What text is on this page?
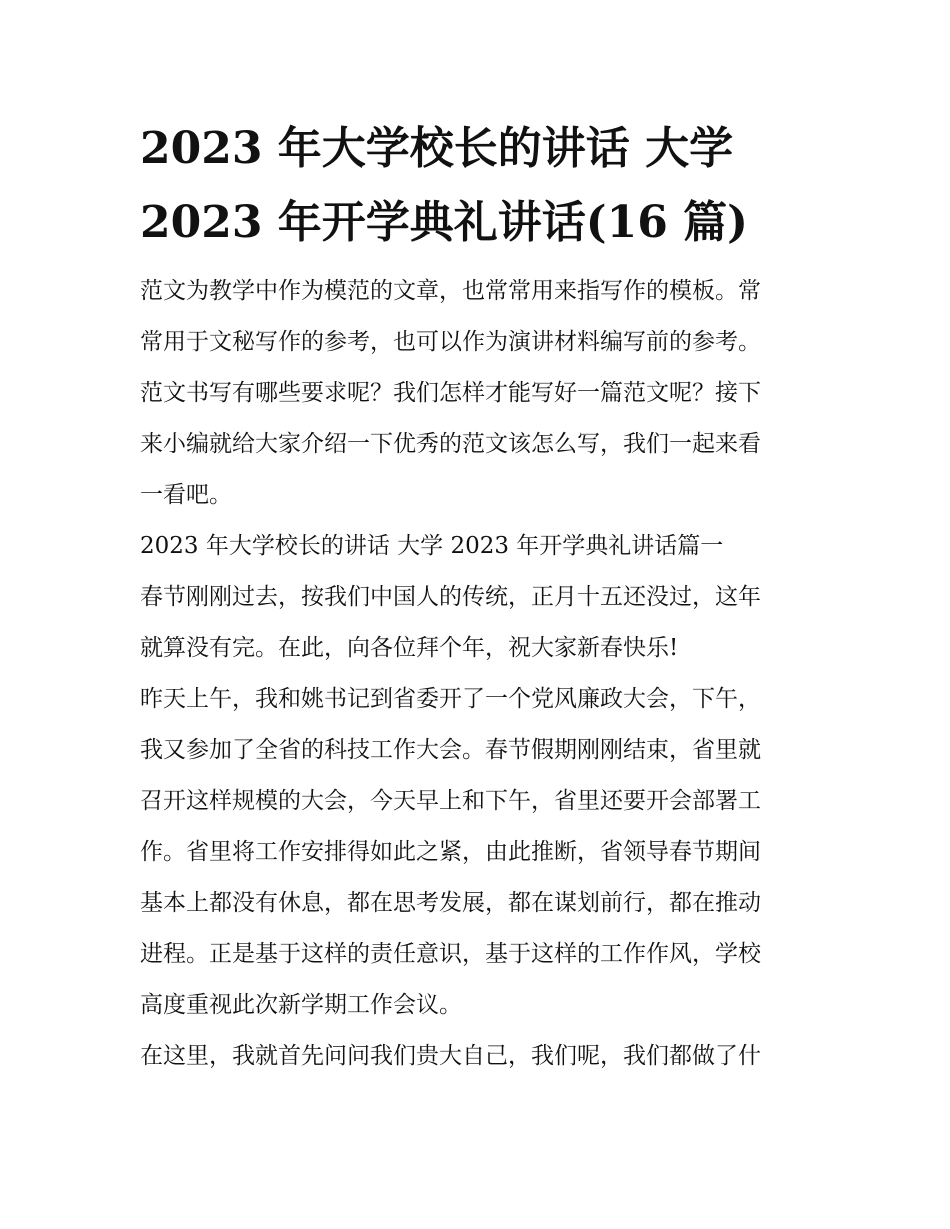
2023 年大学校长的讲话 大学
2023 年开学典礼讲话(16 篇)

范文为教学中作为模范的文章，也常常用来指写作的模板。常
常用于文秘写作的参考，也可以作为演讲材料编写前的参考。
范文书写有哪些要求呢？我们怎样才能写好一篇范文呢？接下
来小编就给大家介绍一下优秀的范文该怎么写，我们一起来看
一看吧。

2023 年大学校长的讲话 大学 2023 年开学典礼讲话篇一

春节刚刚过去，按我们中国人的传统，正月十五还没过，这年
就算没有完。在此，向各位拜个年，祝大家新春快乐!

昨天上午，我和姚书记到省委开了一个党风廉政大会，下午，
我又参加了全省的科技工作大会。春节假期刚刚结束，省里就
召开这样规模的大会，今天早上和下午，省里还要开会部署工
作。省里将工作安排得如此之紧，由此推断，省领导春节期间
基本上都没有休息，都在思考发展，都在谋划前行，都在推动
进程。正是基于这样的责任意识，基于这样的工作作风，学校
高度重视此次新学期工作会议。

在这里，我就首先问问我们贵大自己，我们呢，我们都做了什
